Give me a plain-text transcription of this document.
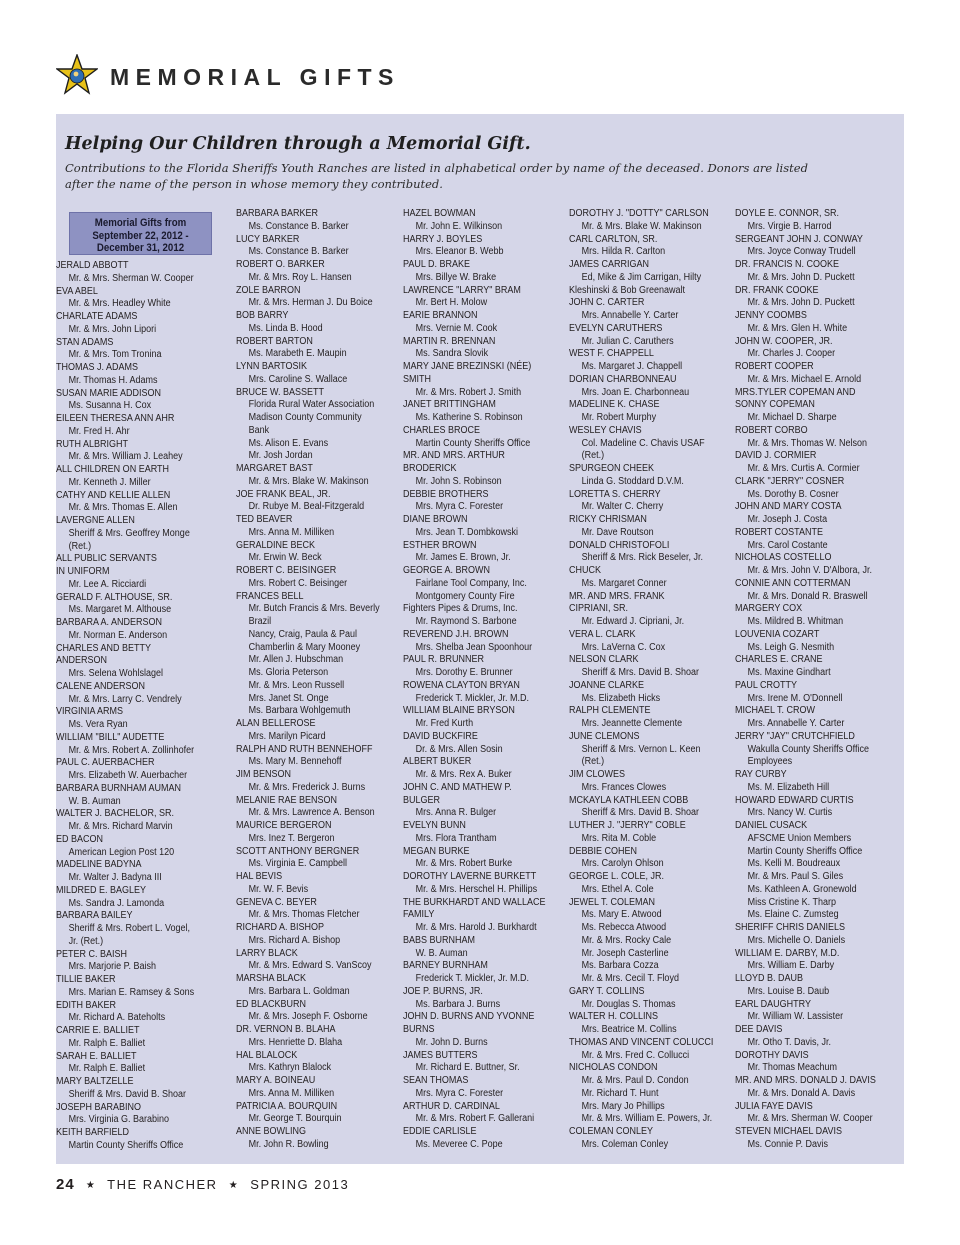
MEMORIAL GIFTS
Helping Our Children through a Memorial Gift.
Contributions to the Florida Sheriffs Youth Ranches are listed in alphabetical order by name of the deceased. Donors are listed
after the name of the person in whose memory they contributed.
Memorial Gifts from
September 22, 2012 -
December 31, 2012
JERALD ABBOTT
Mr. & Mrs. Sherman W. Cooper
EVA ABEL
Mr. & Mrs. Headley White
CHARLATE ADAMS
Mr. & Mrs. John Lipori
STAN ADAMS
Mr. & Mrs. Tom Tronina
THOMAS J. ADAMS
Mr. Thomas H. Adams
SUSAN MARIE ADDISON
Ms. Susanna H. Cox
EILEEN THERESA ANN AHR
Mr. Fred H. Ahr
RUTH ALBRIGHT
Mr. & Mrs. William J. Leahey
ALL CHILDREN ON EARTH
Mr. Kenneth J. Miller
CATHY AND KELLIE ALLEN
Mr. & Mrs. Thomas E. Allen
LAVERGNE ALLEN
Sheriff & Mrs. Geoffrey Monge
(Ret.)
ALL PUBLIC SERVANTS
IN UNIFORM
Mr. Lee A. Ricciardi
GERALD F. ALTHOUSE, SR.
Ms. Margaret M. Althouse
BARBARA A. ANDERSON
Mr. Norman E. Anderson
CHARLES AND BETTY
ANDERSON
Mrs. Selena Wohlslagel
CALENE ANDERSON
Mr. & Mrs. Larry C. Vendrely
VIRGINIA ARMS
Ms. Vera Ryan
WILLIAM "BILL" AUDETTE
Mr. & Mrs. Robert A. Zollinhofer
PAUL C. AUERBACHER
Mrs. Elizabeth W. Auerbacher
BARBARA BURNHAM AUMAN
W. B. Auman
WALTER J. BACHELOR, SR.
Mr. & Mrs. Richard Marvin
ED BACON
American Legion Post 120
MADELINE BADYNA
Mr. Walter J. Badyna III
MILDRED E. BAGLEY
Ms. Sandra J. Lamonda
BARBARA BAILEY
Sheriff & Mrs. Robert L. Vogel,
Jr. (Ret.)
PETER C. BAISH
Mrs. Marjorie P. Baish
TILLIE BAKER
Mrs. Marian E. Ramsey & Sons
EDITH BAKER
Mr. Richard A. Bateholts
CARRIE E. BALLIET
Mr. Ralph E. Balliet
SARAH E. BALLIET
Mr. Ralph E. Balliet
MARY BALTZELLE
Sheriff & Mrs. David B. Shoar
JOSEPH BARABINO
Mrs. Virginia G. Barabino
KEITH BARFIELD
Martin County Sheriffs Office
BARBARA BARKER
Ms. Constance B. Barker
LUCY BARKER
Ms. Constance B. Barker
ROBERT O. BARKER
Mr. & Mrs. Roy L. Hansen
ZOLE BARRON
Mr. & Mrs. Herman J. Du Boice
BOB BARRY
Ms. Linda B. Hood
ROBERT BARTON
Ms. Marabeth E. Maupin
LYNN BARTOSIK
Mrs. Caroline S. Wallace
BRUCE W. BASSETT
Florida Rural Water Association
Madison County Community
Bank
Ms. Alison E. Evans
Mr. Josh Jordan
MARGARET BAST
Mr. & Mrs. Blake W. Makinson
JOE FRANK BEAL, JR.
Dr. Rubye M. Beal-Fitzgerald
TED BEAVER
Mrs. Anna M. Milliken
GERALDINE BECK
Mr. Erwin W. Beck
ROBERT C. BEISINGER
Mrs. Robert C. Beisinger
FRANCES BELL
Mr. Butch Francis & Mrs. Beverly
Brazil
Nancy, Craig, Paula & Paul
Chamberlin & Mary Mooney
Mr. Allen J. Hubschman
Ms. Gloria Peterson
Mr. & Mrs. Leon Russell
Mrs. Janet St. Onge
Ms. Barbara Wohlgemuth
ALAN BELLEROSE
Mrs. Marilyn Picard
RALPH AND RUTH BENNEHOFF
Ms. Mary M. Bennehoff
JIM BENSON
Mr. & Mrs. Frederick J. Burns
MELANIE RAE BENSON
Mr. & Mrs. Lawrence A. Benson
MAURICE BERGERON
Mrs. Inez T. Bergeron
SCOTT ANTHONY BERGNER
Ms. Virginia E. Campbell
HAL BEVIS
Mr. W. F. Bevis
GENEVA C. BEYER
Mr. & Mrs. Thomas Fletcher
RICHARD A. BISHOP
Mrs. Richard A. Bishop
LARRY BLACK
Mr. & Mrs. Edward S. VanScoy
MARSHA BLACK
Mrs. Barbara L. Goldman
ED BLACKBURN
Mr. & Mrs. Joseph F. Osborne
DR. VERNON B. BLAHA
Mrs. Henriette D. Blaha
HAL BLALOCK
Mrs. Kathryn Blalock
MARY A. BOINEAU
Mrs. Anna M. Milliken
PATRICIA A. BOURQUIN
Mr. George T. Bourquin
ANNE BOWLING
Mr. John R. Bowling
HAZEL BOWMAN
Mr. John E. Wilkinson
HARRY J. BOYLES
Mrs. Eleanor B. Webb
PAUL D. BRAKE
Mrs. Billye W. Brake
LAWRENCE "LARRY" BRAM
Mr. Bert H. Molow
EARIE BRANNON
Mrs. Vernie M. Cook
MARTIN R. BRENNAN
Ms. Sandra Slovik
MARY JANE BREZINSKI (NÉE)
SMITH
Mr. & Mrs. Robert J. Smith
JANET BRITTINGHAM
Ms. Katherine S. Robinson
CHARLES BROCE
Martin County Sheriffs Office
MR. AND MRS. ARTHUR
BRODERICK
Mr. John S. Robinson
DEBBIE BROTHERS
Mrs. Myra C. Forester
DIANE BROWN
Mrs. Jean T. Dombkowski
ESTHER BROWN
Mr. James E. Brown, Jr.
GEORGE A. BROWN
Fairlane Tool Company, Inc.
Montgomery County Fire
Fighters Pipes & Drums, Inc.
Mr. Raymond S. Barbone
REVEREND J.H. BROWN
Mrs. Shelba Jean Spoonhour
PAUL R. BRUNNER
Mrs. Dorothy E. Brunner
ROWENA CLAYTON BRYAN
Frederick T. Mickler, Jr. M.D.
WILLIAM BLAINE BRYSON
Mr. Fred Kurth
DAVID BUCKFIRE
Dr. & Mrs. Allen Sosin
ALBERT BUKER
Mr. & Mrs. Rex A. Buker
JOHN C. AND MATHEW P.
BULGER
Mrs. Anna R. Bulger
EVELYN BUNN
Mrs. Flora Trantham
MEGAN BURKE
Mr. & Mrs. Robert Burke
DOROTHY LAVERNE BURKETT
Mr. & Mrs. Herschel H. Phillips
THE BURKHARDT AND WALLACE
FAMILY
Mr. & Mrs. Harold J. Burkhardt
BABS BURNHAM
W. B. Auman
BARNEY BURNHAM
Frederick T. Mickler, Jr. M.D.
JOE P. BURNS, JR.
Ms. Barbara J. Burns
JOHN D. BURNS AND YVONNE
BURNS
Mr. John D. Burns
JAMES BUTTERS
Mr. Richard E. Buttner, Sr.
SEAN THOMAS
Mrs. Myra C. Forester
ARTHUR D. CARDINAL
Mr. & Mrs. Robert F. Gallerani
EDDIE CARLISLE
Ms. Meveree C. Pope
DOROTHY J. "DOTTY" CARLSON
Mr. & Mrs. Blake W. Makinson
CARL CARLTON, SR.
Mrs. Hilda R. Carlton
JAMES CARRIGAN
Ed, Mike & Jim Carrigan, Hilty
Kleshinski & Bob Greenawalt
JOHN C. CARTER
Mrs. Annabelle Y. Carter
EVELYN CARUTHERS
Mr. Julian C. Caruthers
WEST F. CHAPPELL
Ms. Margaret J. Chappell
DORIAN CHARBONNEAU
Mrs. Joan E. Charbonneau
MADELINE K. CHASE
Mr. Robert Murphy
WESLEY CHAVIS
Col. Madeline C. Chavis USAF
(Ret.)
SPURGEON CHEEK
Linda G. Stoddard D.V.M.
LORETTA S. CHERRY
Mr. Walter C. Cherry
RICKY CHRISMAN
Mr. Dave Routson
DONALD CHRISTOFOLI
Sheriff & Mrs. Rick Beseler, Jr.
CHUCK
Ms. Margaret Conner
MR. AND MRS. FRANK
CIPRIANI, SR.
Mr. Edward J. Cipriani, Jr.
VERA L. CLARK
Mrs. LaVerna C. Cox
NELSON CLARK
Sheriff & Mrs. David B. Shoar
JOANNE CLARKE
Ms. Elizabeth Hicks
RALPH CLEMENTE
Mrs. Jeannette Clemente
JUNE CLEMONS
Sheriff & Mrs. Vernon L. Keen
(Ret.)
JIM CLOWES
Mrs. Frances Clowes
MCKAYLA KATHLEEN COBB
Sheriff & Mrs. David B. Shoar
LUTHER J. "JERRY" COBLE
Mrs. Rita M. Coble
DEBBIE COHEN
Mrs. Carolyn Ohlson
GEORGE L. COLE, JR.
Mrs. Ethel A. Cole
JEWEL T. COLEMAN
Ms. Mary E. Atwood
Ms. Rebecca Atwood
Mr. & Mrs. Rocky Cale
Mr. Joseph Casterline
Ms. Barbara Cozza
Mr. & Mrs. Cecil T. Floyd
GARY T. COLLINS
Mr. Douglas S. Thomas
WALTER H. COLLINS
Mrs. Beatrice M. Collins
THOMAS AND VINCENT COLUCCI
Mr. & Mrs. Fred C. Collucci
NICHOLAS CONDON
Mr. & Mrs. Paul D. Condon
Mr. Richard T. Hunt
Mrs. Mary Jo Phillips
Mr. & Mrs. William E. Powers, Jr.
COLEMAN CONLEY
Mrs. Coleman Conley
DOYLE E. CONNOR, SR.
Mrs. Virgie B. Harrod
SERGEANT JOHN J. CONWAY
Mrs. Joyce Conway Trudell
DR. FRANCIS N. COOKE
Mr. & Mrs. John D. Puckett
DR. FRANK COOKE
Mr. & Mrs. John D. Puckett
JENNY COOMBS
Mr. & Mrs. Glen H. White
JOHN W. COOPER, JR.
Mr. Charles J. Cooper
ROBERT COOPER
Mr. & Mrs. Michael E. Arnold
MRS.TYLER COPEMAN AND
SONNY COPEMAN
Mr. Michael D. Sharpe
ROBERT CORBO
Mr. & Mrs. Thomas W. Nelson
DAVID J. CORMIER
Mr. & Mrs. Curtis A. Cormier
CLARK "JERRY" COSNER
Ms. Dorothy B. Cosner
JOHN AND MARY COSTA
Mr. Joseph J. Costa
ROBERT COSTANTE
Mrs. Carol Costante
NICHOLAS COSTELLO
Mr. & Mrs. John V. D'Albora, Jr.
CONNIE ANN COTTERMAN
Mr. & Mrs. Donald R. Braswell
MARGERY COX
Ms. Mildred B. Whitman
LOUVENIA COZART
Ms. Leigh G. Nesmith
CHARLES E. CRANE
Ms. Maxine Gindhart
PAUL CROTTY
Mrs. Irene M. O'Donnell
MICHAEL T. CROW
Mrs. Annabelle Y. Carter
JERRY "JAY" CRUTCHFIELD
Wakulla County Sheriffs Office
Employees
RAY CURBY
Ms. M. Elizabeth Hill
HOWARD EDWARD CURTIS
Mrs. Nancy W. Curtis
DANIEL CUSACK
AFSCME Union Members
Martin County Sheriffs Office
Ms. Kelli M. Boudreaux
Mr. & Mrs. Paul S. Giles
Ms. Kathleen A. Gronewold
Miss Cristine K. Tharp
Ms. Elaine C. Zumsteg
SHERIFF CHRIS DANIELS
Mrs. Michelle O. Daniels
WILLIAM E. DARBY, M.D.
Mrs. William E. Darby
LLOYD B. DAUB
Mrs. Louise B. Daub
EARL DAUGHTRY
Mr. William W. Lassister
DEE DAVIS
Mr. Otho T. Davis, Jr.
DOROTHY DAVIS
Mr. Thomas Meachum
MR. AND MRS. DONALD J. DAVIS
Mr. & Mrs. Donald A. Davis
JULIA FAYE DAVIS
Mr. & Mrs. Sherman W. Cooper
STEVEN MICHAEL DAVIS
Ms. Connie P. Davis
24 ★ THE RANCHER ★ SPRING 2013
